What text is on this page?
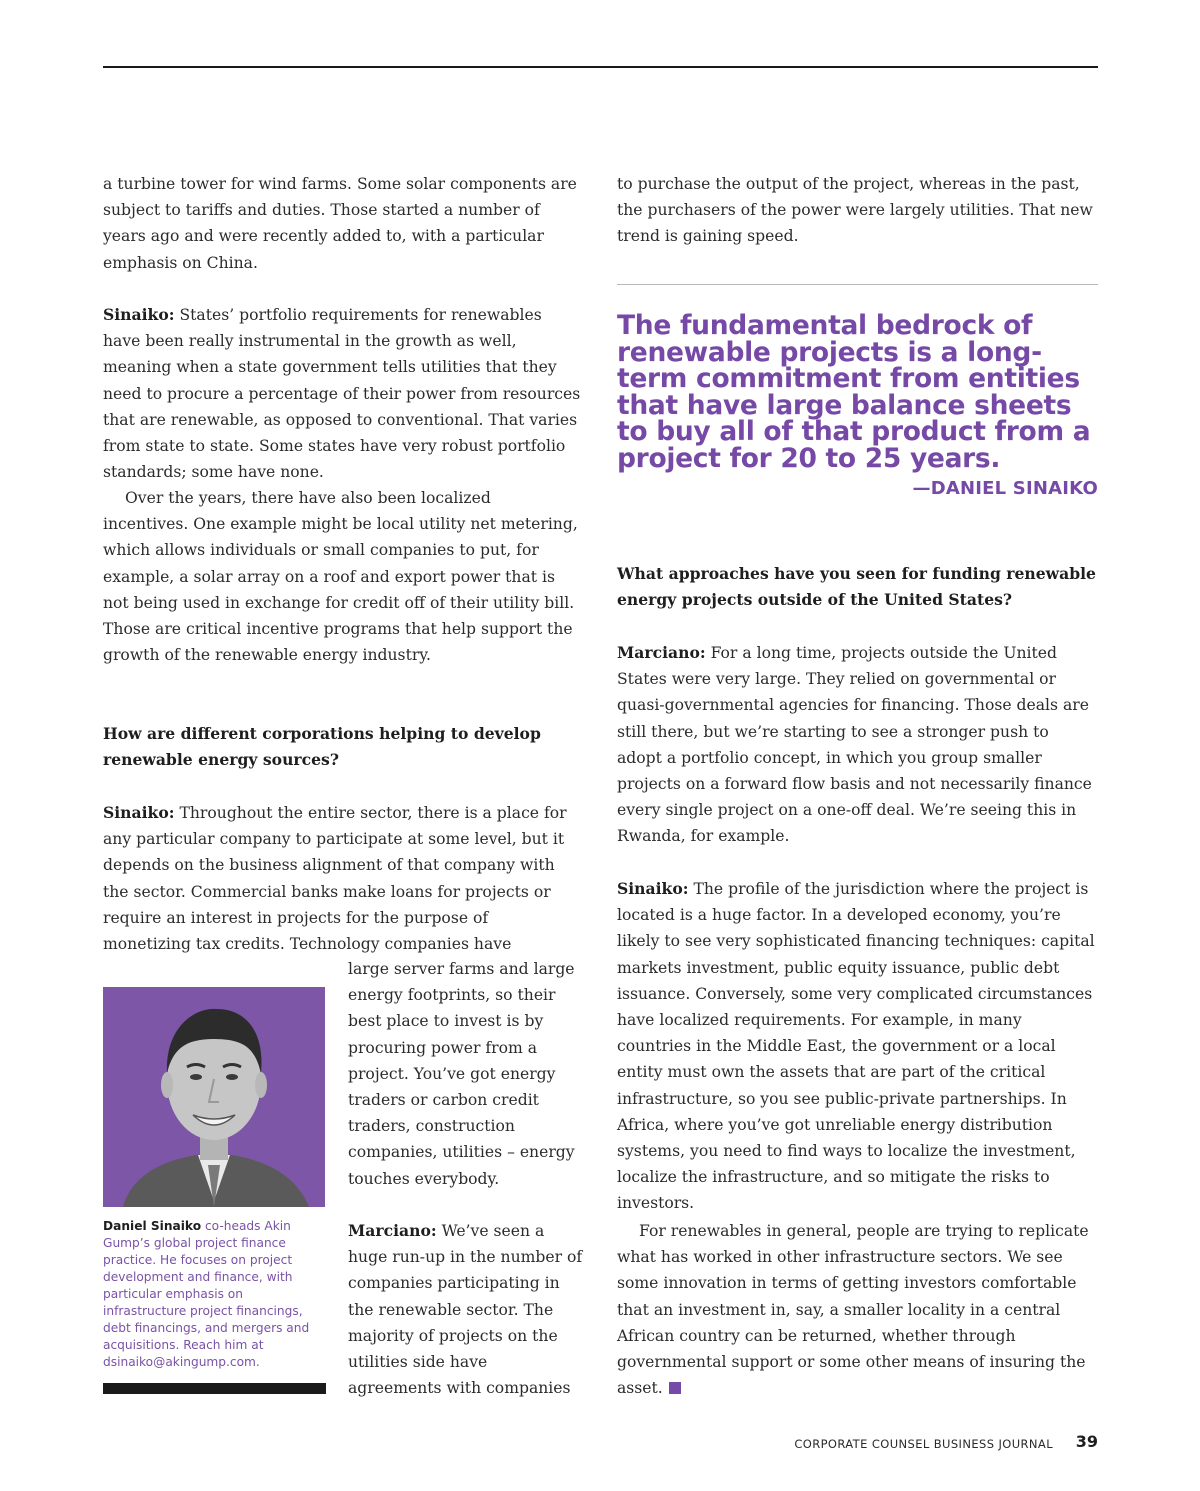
a turbine tower for wind farms. Some solar components are subject to tariffs and duties. Those started a number of years ago and were recently added to, with a particular emphasis on China.

Sinaiko: States’ portfolio requirements for renewables have been really instrumental in the growth as well, meaning when a state government tells utilities that they need to procure a percentage of their power from resources that are renewable, as opposed to conventional. That varies from state to state. Some states have very robust portfolio standards; some have none.

Over the years, there have also been localized incentives. One example might be local utility net metering, which allows individuals or small companies to put, for example, a solar array on a roof and export power that is not being used in exchange for credit off of their utility bill. Those are critical incentive programs that help support the growth of the renewable energy industry.

How are different corporations helping to develop renewable energy sources?

Sinaiko: Throughout the entire sector, there is a place for any particular company to participate at some level, but it depends on the business alignment of that company with the sector. Commercial banks make loans for projects or require an interest in projects for the purpose of monetizing tax credits. Technology companies have

Daniel Sinaiko co-heads Akin Gump’s global project finance practice. He focuses on project development and finance, with particular emphasis on infrastructure project financings, debt financings, and mergers and acquisitions. Reach him at dsinaiko@akingump.com.

large server farms and large energy footprints, so their best place to invest is by procuring power from a project. You’ve got energy traders or carbon credit traders, construction companies, utilities – energy touches everybody.

Marciano: We’ve seen a huge run-up in the number of companies participating in the renewable sector. The majority of projects on the utilities side have agreements with companies

to purchase the output of the project, whereas in the past, the purchasers of the power were largely utilities. That new trend is gaining speed.

The fundamental bedrock of renewable projects is a long-term commitment from entities that have large balance sheets to buy all of that product from a project for 20 to 25 years.

—DANIEL SINAIKO

What approaches have you seen for funding renewable energy projects outside of the United States?

Marciano: For a long time, projects outside the United States were very large. They relied on governmental or quasi-governmental agencies for financing. Those deals are still there, but we’re starting to see a stronger push to adopt a portfolio concept, in which you group smaller projects on a forward flow basis and not necessarily finance every single project on a one-off deal. We’re seeing this in Rwanda, for example.

Sinaiko: The profile of the jurisdiction where the project is located is a huge factor. In a developed economy, you’re likely to see very sophisticated financing techniques: capital markets investment, public equity issuance, public debt issuance. Conversely, some very complicated circumstances have localized requirements. For example, in many countries in the Middle East, the government or a local entity must own the assets that are part of the critical infrastructure, so you see public-private partnerships. In Africa, where you’ve got unreliable energy distribution systems, you need to find ways to localize the investment, localize the infrastructure, and so mitigate the risks to investors.

For renewables in general, people are trying to replicate what has worked in other infrastructure sectors. We see some innovation in terms of getting investors comfortable that an investment in, say, a smaller locality in a central African country can be returned, whether through governmental support or some other means of insuring the asset.

CORPORATE COUNSEL BUSINESS JOURNAL 39
